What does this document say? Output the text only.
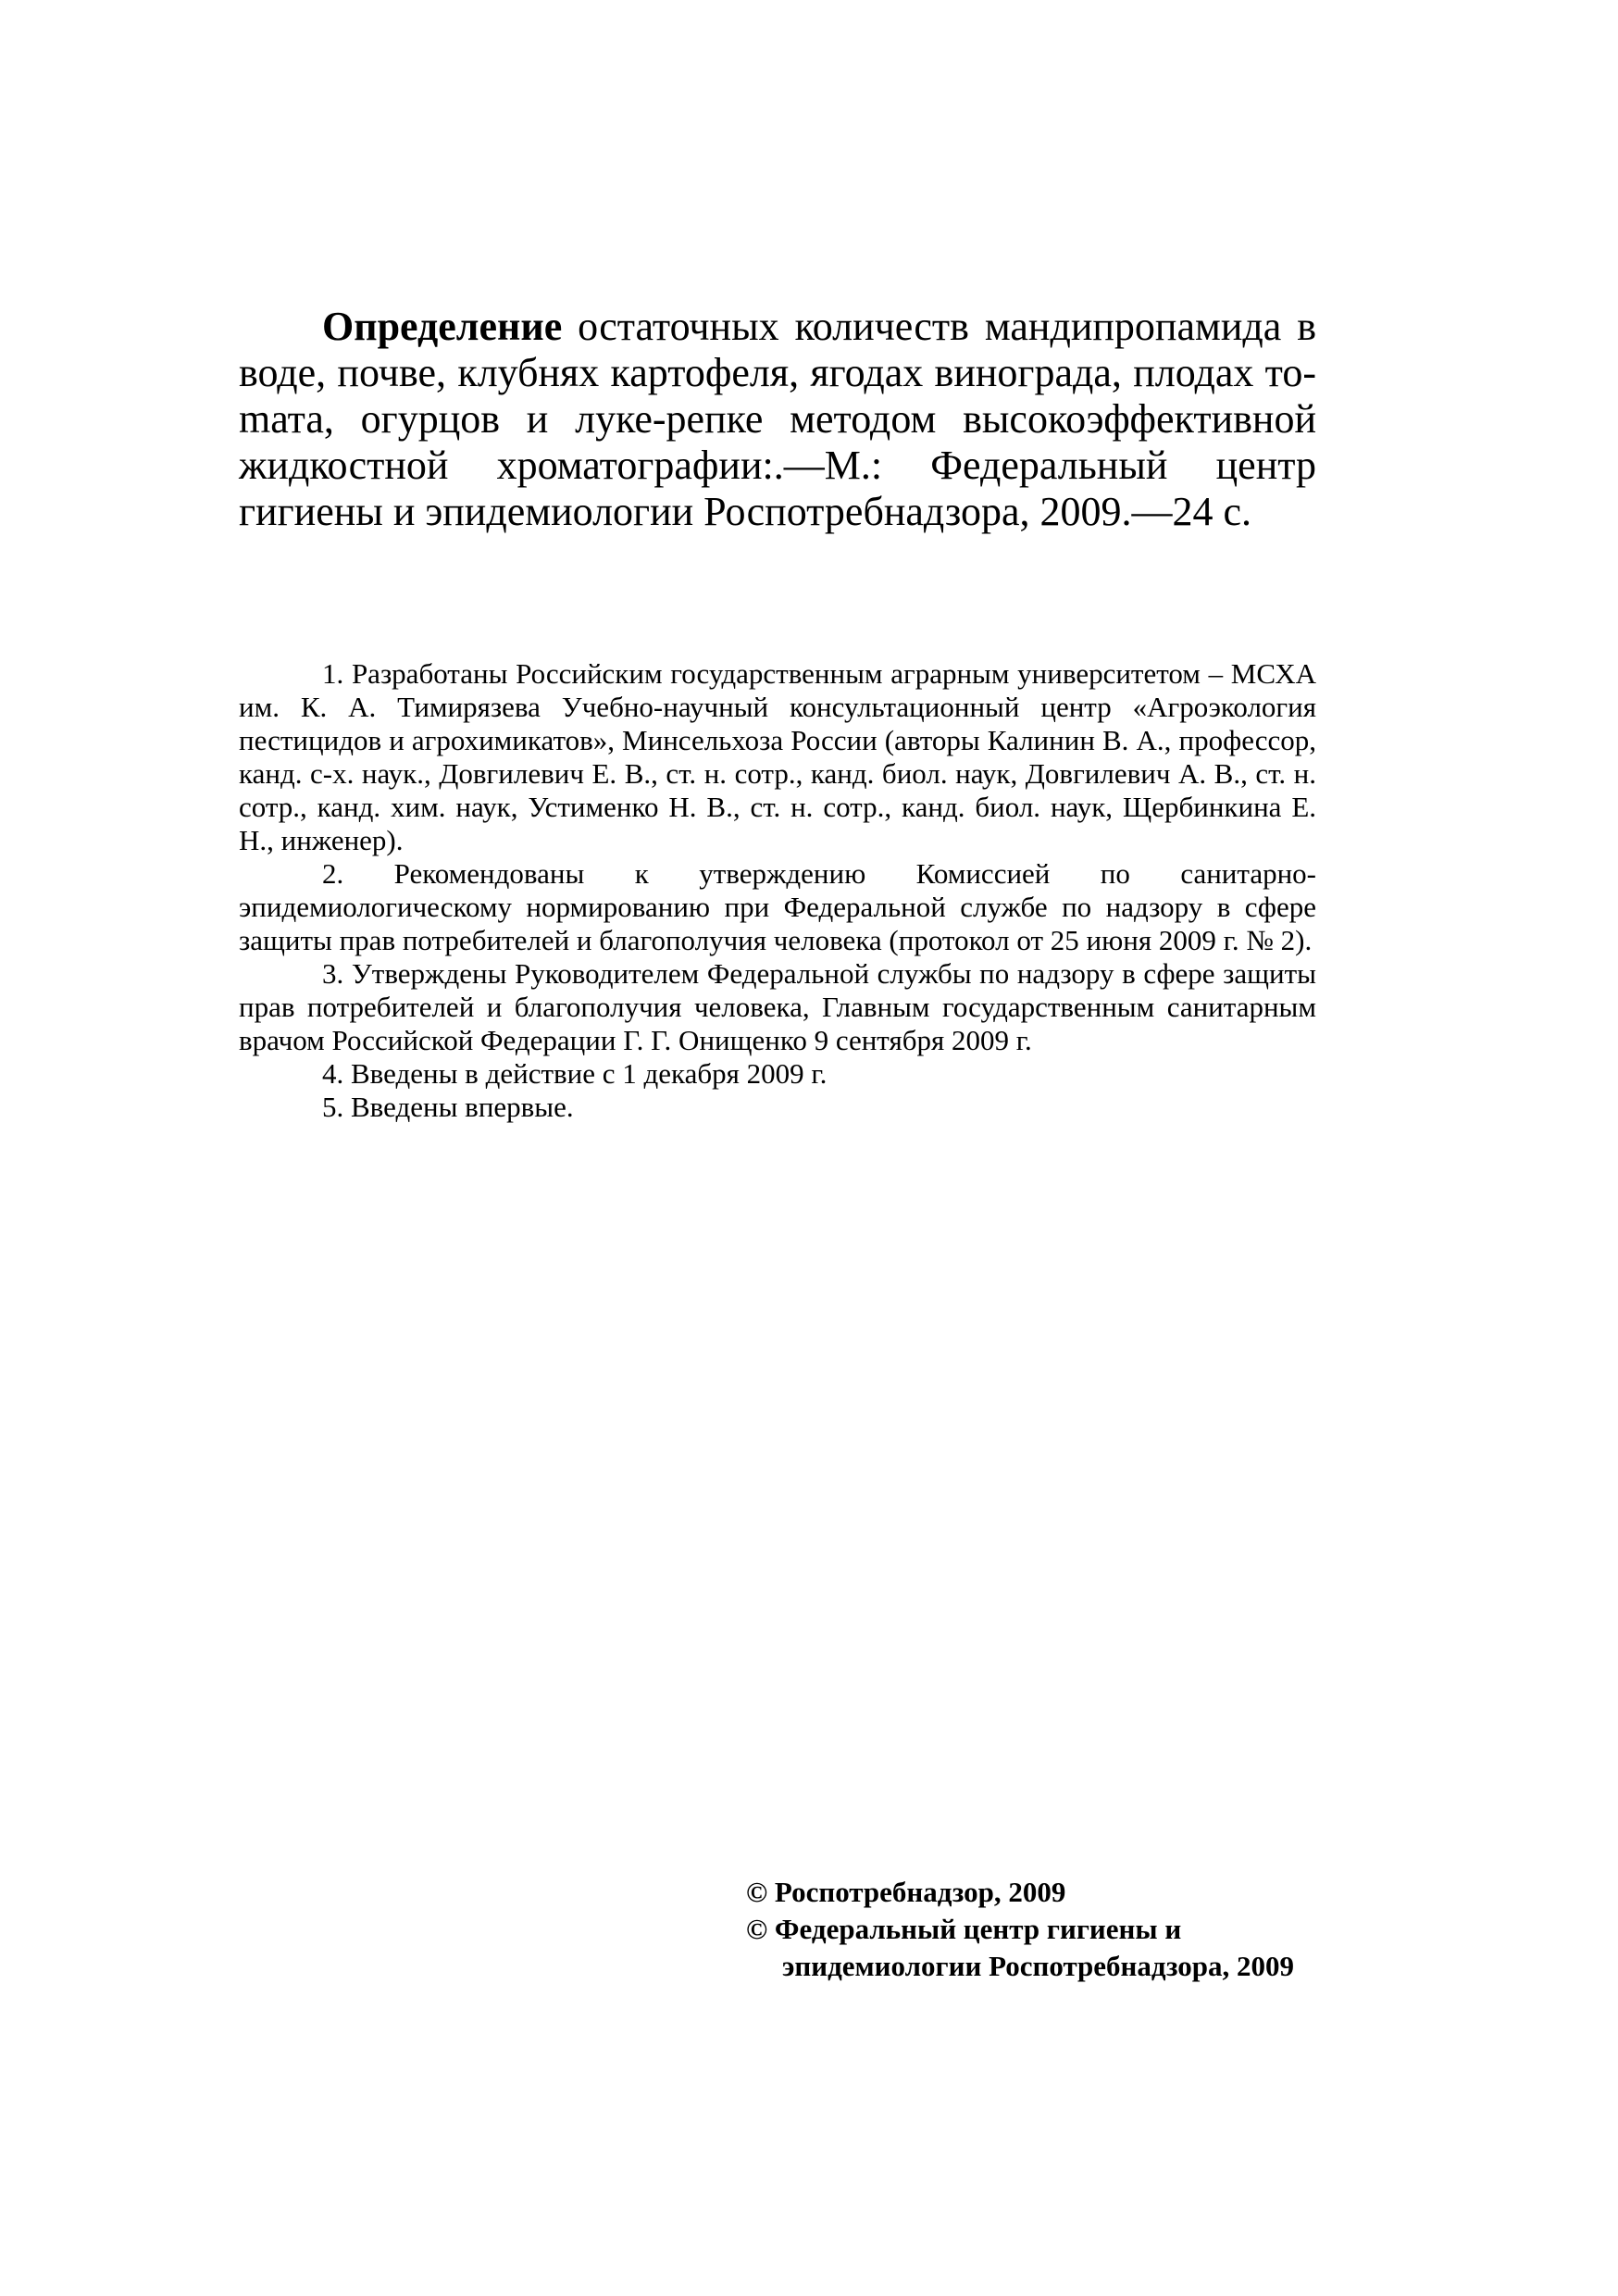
Определение остаточных количеств мандипропамида в воде, почве, клубнях картофеля, ягодах винограда, плодах тоmата, огурцов и луке-репке методом высокоэффективной жидкостной хроматографии:.—М.: Федеральный центр гигиены и эпидемиологии Роспотребнадзора, 2009.—24 с.

1. Разработаны Российским государственным аграрным университетом – МСХА им. К. А. Тимирязева Учебно-научный консультационный центр «Агроэкология пестицидов и агрохимикатов», Минсельхоза России (авторы Калинин В. А., профессор, канд. с-х. наук., Довгилевич Е. В., ст. н. сотр., канд. биол. наук, Довгилевич А. В., ст. н. сотр., канд. хим. наук, Устименко Н. В., ст. н. сотр., канд. биол. наук, Щербинкина Е. Н., инженер).

2. Рекомендованы к утверждению Комиссией по санитарно-эпидемиологическому нормированию при Федеральной службе по надзору в сфере защиты прав потребителей и благополучия человека (протокол от 25 июня 2009 г. № 2).

3. Утверждены Руководителем Федеральной службы по надзору в сфере защиты прав потребителей и благополучия человека, Главным государственным санитарным врачом Российской Федерации Г. Г. Онищенко 9 сентября 2009 г.

4. Введены в действие с 1 декабря 2009 г.

5. Введены впервые.

© Роспотребнадзор, 2009
© Федеральный центр гигиены и
эпидемиологии Роспотребнадзора, 2009
